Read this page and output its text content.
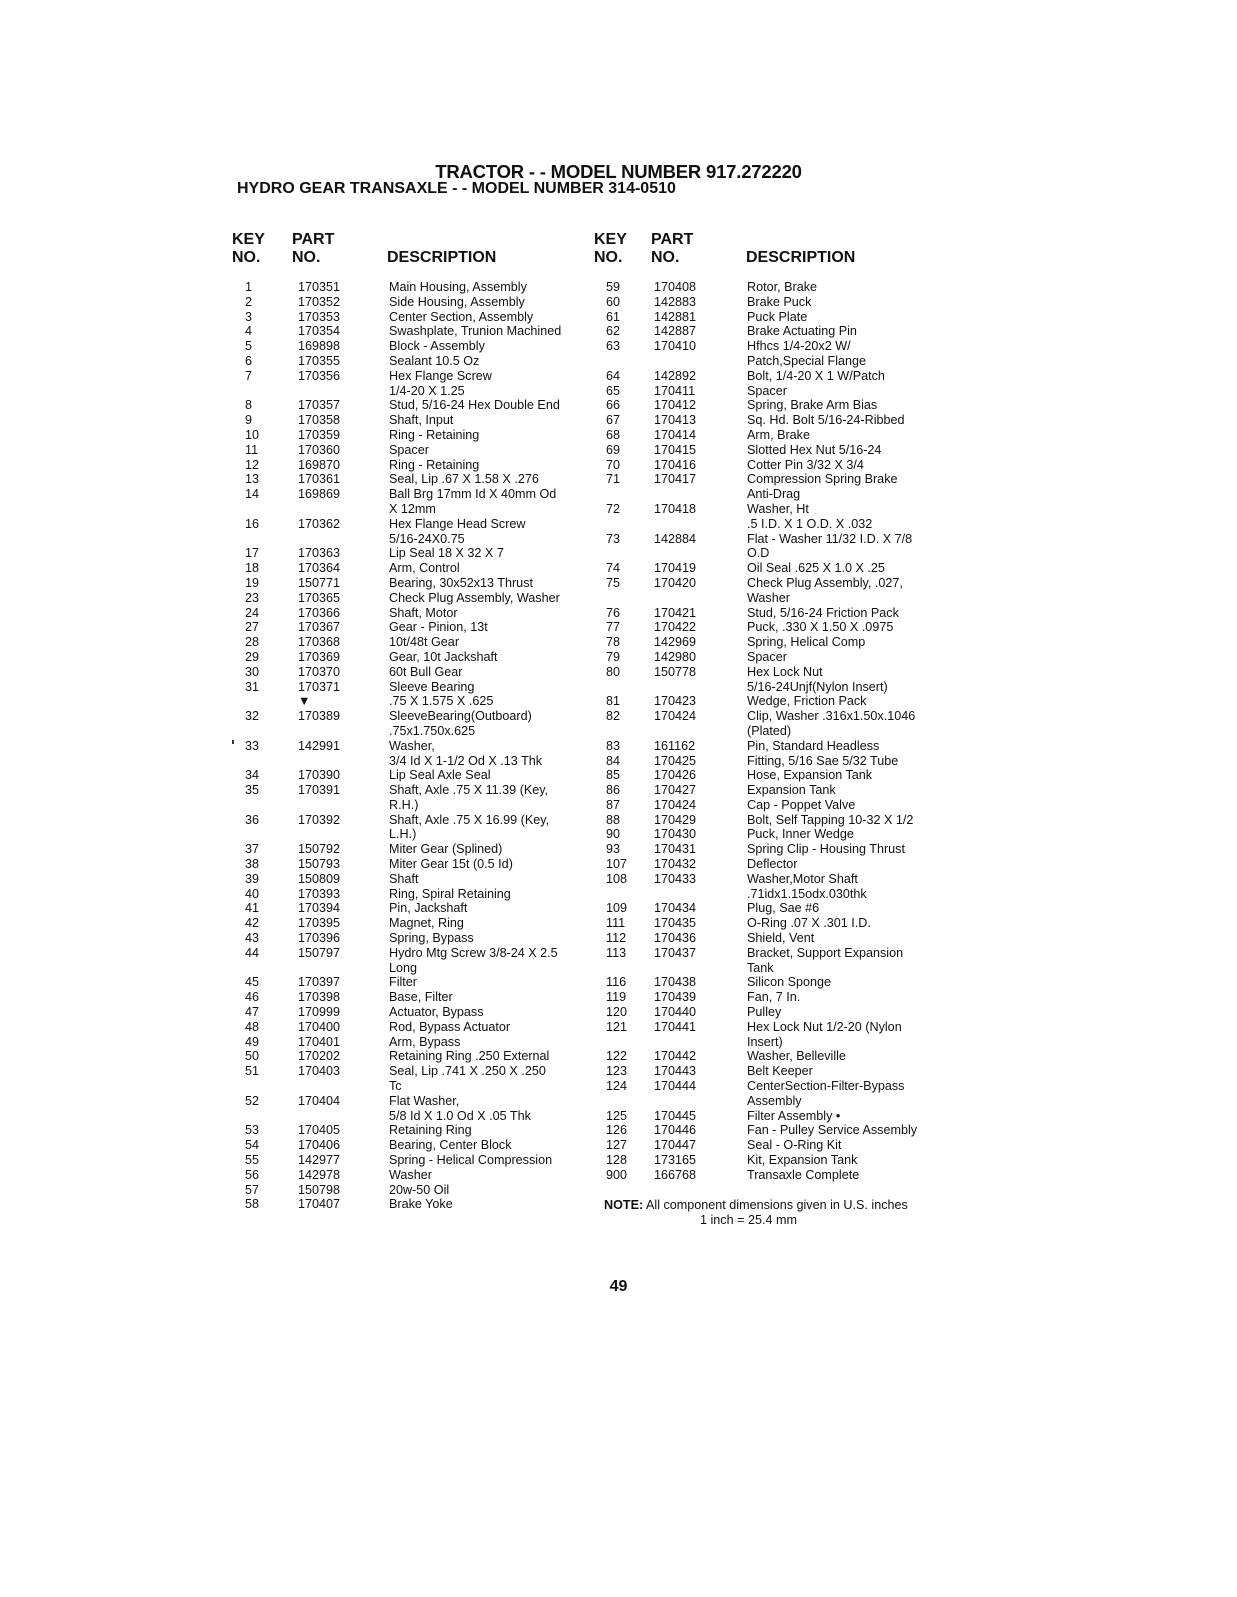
TRACTOR - - MODEL NUMBER 917.272220
HYDRO GEAR TRANSAXLE - - MODEL NUMBER 314-0510
KEY
NO.
PART
NO.	DESCRIPTION
KEY
NO.
PART
NO.	DESCRIPTION
1
2
3
4
5
6
7
8
9
10
11
12
13
14
16
17
18
19
23
24
27
28
29
30
31
32
33
34
35
36
37
38
39
40
41
42
43
44
45
46
47
48
49
50
51
52
53
54
55
56
57
58
170351
170352
170353
170354
169898
170355
170356
170357
170358
170359
170360
169870
170361
169869
170362
170363
170364
150771
170365
170366
170367
170368
170369
170370
170371
▼
170389
142991
170390
170391
170392
150792
150793
150809
170393
170394
170395
170396
150797
170397
170398
170999
170400
170401
170202
170403
170404
170405
170406
142977
142978
150798
170407
Main Housing, Assembly
Side Housing, Assembly
Center Section, Assembly
Swashplate, Trunion Machined
Block - Assembly
Sealant 10.5 Oz
Hex Flange Screw
1/4-20 X 1.25
Stud, 5/16-24 Hex Double End
Shaft, Input
Ring - Retaining
Spacer
Ring - Retaining
Seal, Lip .67 X 1.58 X .276
Ball Brg 17mm Id X 40mm Od
X 12mm
Hex Flange Head Screw
5/16-24X0.75
Lip Seal 18 X 32 X 7
Arm, Control
Bearing, 30x52x13 Thrust
Check Plug Assembly, Washer
Shaft, Motor
Gear - Pinion, 13t
10t/48t Gear
Gear, 10t Jackshaft
60t Bull Gear
Sleeve Bearing
.75 X 1.575 X .625
SleeveBearing(Outboard)
.75x1.750x.625
Washer,
3/4 Id X 1-1/2 Od X .13 Thk
Lip Seal Axle Seal
Shaft, Axle .75 X 11.39 (Key,
R.H.)
Shaft, Axle .75 X 16.99 (Key,
L.H.)
Miter Gear (Splined)
Miter Gear 15t (0.5 Id)
Shaft
Ring, Spiral Retaining
Pin, Jackshaft
Magnet, Ring
Spring, Bypass
Hydro Mtg Screw 3/8-24 X 2.5
Long
Filter
Base, Filter
Actuator, Bypass
Rod, Bypass Actuator
Arm, Bypass
Retaining Ring .250 External
Seal, Lip .741 X .250 X .250
Tc
Flat Washer,
5/8 Id X 1.0 Od X .05 Thk
Retaining Ring
Bearing, Center Block
Spring - Helical Compression
Washer
20w-50 Oil
Brake Yoke
59
60
61
62
63
64
65
66
67
68
69
70
71
72
73
74
75
76
77
78
79
80
81
82
83
84
85
86
87
88
90
93
107
108
109
111
112
113
116
119
120
121
122
123
124
125
126
127
128
900
170408
142883
142881
142887
170410
142892
170411
170412
170413
170414
170415
170416
170417
170418
142884
170419
170420
170421
170422
142969
142980
150778
170423
170424
161162
170425
170426
170427
170424
170429
170430
170431
170432
170433
170434
170435
170436
170437
170438
170439
170440
170441
170442
170443
170444
170445
170446
170447
173165
166768
Rotor, Brake
Brake Puck
Puck Plate
Brake Actuating Pin
Hfhcs 1/4-20x2 W/
Patch,Special Flange
Bolt, 1/4-20 X 1 W/Patch
Spacer
Spring, Brake Arm Bias
Sq. Hd. Bolt 5/16-24-Ribbed
Arm, Brake
Slotted Hex Nut 5/16-24
Cotter Pin 3/32 X 3/4
Compression Spring Brake
Anti-Drag
Washer, Ht
.5 I.D. X 1 O.D. X .032
Flat - Washer 11/32 I.D. X 7/8
O.D
Oil Seal .625 X 1.0 X .25
Check Plug Assembly, .027,
Washer
Stud, 5/16-24 Friction Pack
Puck, .330 X 1.50 X .0975
Spring, Helical Comp
Spacer
Hex Lock Nut
5/16-24Unjf(Nylon Insert)
Wedge, Friction Pack
Clip, Washer .316x1.50x.1046
(Plated)
Pin, Standard Headless
Fitting, 5/16 Sae 5/32 Tube
Hose, Expansion Tank
Expansion Tank
Cap - Poppet Valve
Bolt, Self Tapping 10-32 X 1/2
Puck, Inner Wedge
Spring Clip - Housing Thrust
Deflector
Washer,Motor Shaft
.71idx1.15odx.030thk
Plug, Sae #6
O-Ring .07 X .301 I.D.
Shield, Vent
Bracket, Support Expansion
Tank
Silicon Sponge
Fan, 7 In.
Pulley
Hex Lock Nut 1/2-20 (Nylon
Insert)
Washer, Belleville
Belt Keeper
CenterSection-Filter-Bypass
Assembly
Filter Assembly •
Fan - Pulley Service Assembly
Seal - O-Ring Kit
Kit, Expansion Tank
Transaxle Complete
NOTE: All component dimensions given in U.S. inches
1 inch = 25.4 mm
49
